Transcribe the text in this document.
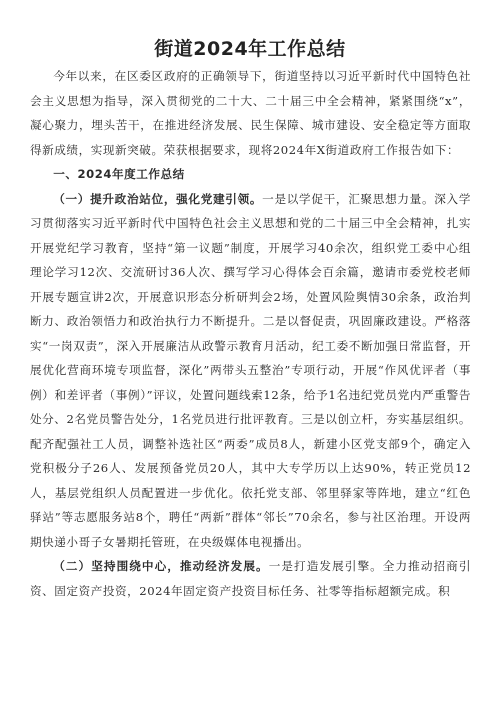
街道2024年工作总结

今年以来，在区委区政府的正确领导下，街道坚持以习近平新时代中国特色社会主义思想为指导，深入贯彻党的二十大、二十届三中全会精神，紧紧围绕“x”，凝心聚力，埋头苦干，在推进经济发展、民生保障、城市建设、安全稳定等方面取得新成绩，实现新突破。荣获根据要求，现将2024年X街道政府工作报告如下：

一、2024年度工作总结

（一）提升政治站位，强化党建引领。一是以学促干，汇聚思想力量。深入学习贯彻落实习近平新时代中国特色社会主义思想和党的二十届三中全会精神，扎实开展党纪学习教育，坚持“第一议题”制度，开展学习40余次，组织党工委中心组理论学习12次、交流研讨36人次、撰写学习心得体会百余篇，邀请市委党校老师开展专题宣讲2次，开展意识形态分析研判会2场，处置风险舆情30余条，政治判断力、政治领悟力和政治执行力不断提升。二是以督促责，巩固廉政建设。严格落实“一岗双责”，深入开展廉洁从政警示教育月活动，纪工委不断加强日常监督，开展优化营商环境专项监督，深化”两带头五整治”专项行动，开展“作风优评者（事例）和差评者（事例）”评议，处置问题线索12条，给予1名违纪党员党内严重警告处分、2名党员警告处分，1名党员进行批评教育。三是以创立杆，夯实基层组织。配齐配强社工人员，调整补选社区“两委”成员8人，新建小区党支部9个，确定入党积极分子26人、发展预备党员20人，其中大专学历以上达90%，转正党员12人，基层党组织人员配置进一步优化。依托党支部、邻里驿家等阵地，建立“红色驿站”等志愿服务站8个，聘任“两新”群体“邻长”70余名，参与社区治理。开设两期快递小哥子女暑期托管班，在央级媒体电视播出。

（二）坚持围绕中心，推动经济发展。一是打造发展引擎。全力推动招商引资、固定资产投资，2024年固定资产投资目标任务、社零等指标超额完成。积
